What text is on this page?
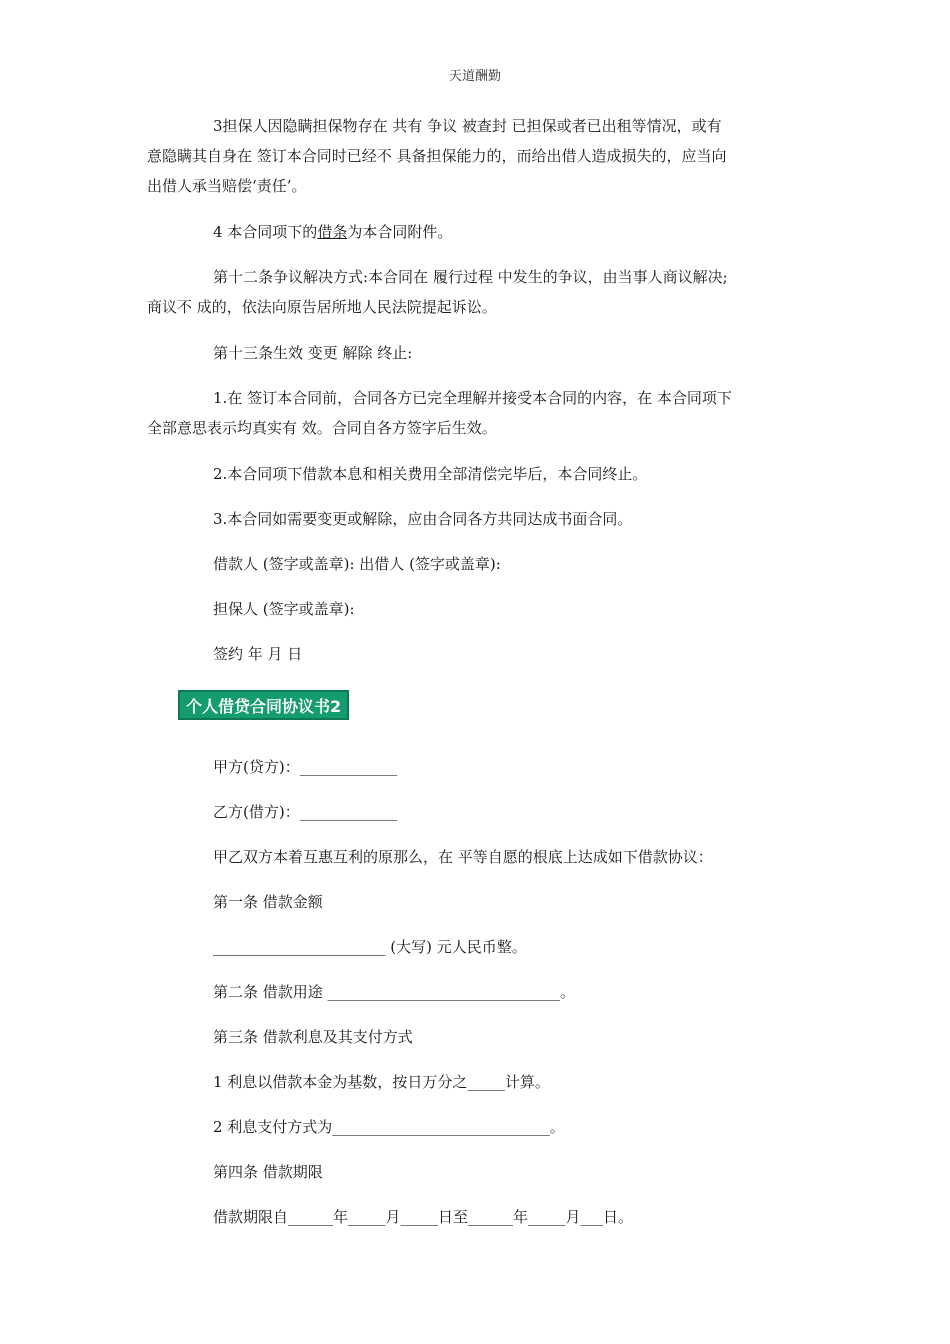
天道酬勤
3担保人因隐瞒担保物存在 共有 争议 被查封 已担保或者已出租等情况，或有
意隐瞒其自身在 签订本合同时已经不 具备担保能力的，而给出借人造成损失的，应当向
出借人承当赔偿‘责任’。
4 本合同项下的借条为本合同附件。
第十二条争议解决方式:本合同在 履行过程 中发生的争议，由当事人商议解决;
商议不 成的，依法向原告居所地人民法院提起诉讼。
第十三条生效 变更 解除 终止:
1.在 签订本合同前，合同各方已完全理解并接受本合同的内容，在 本合同项下
全部意思表示均真实有 效。合同自各方签字后生效。
2.本合同项下借款本息和相关费用全部清偿完毕后，本合同终止。
3.本合同如需要变更或解除，应由合同各方共同达成书面合同。
借款人 (签字或盖章): 出借人 (签字或盖章):
担保人 (签字或盖章):
签约 年 月 日
个人借贷合同协议书2
甲方(贷方)：_____________
乙方(借方)：_____________
甲乙双方本着互惠互利的原那么，在 平等自愿的根底上达成如下借款协议：
第一条 借款金额
_______________________ (大写) 元人民币整。
第二条 借款用途 _______________________________。
第三条 借款利息及其支付方式
1 利息以借款本金为基数，按日万分之_____计算。
2 利息支付方式为_____________________________。
第四条 借款期限
借款期限自______年_____月_____日至______年_____月___日。
